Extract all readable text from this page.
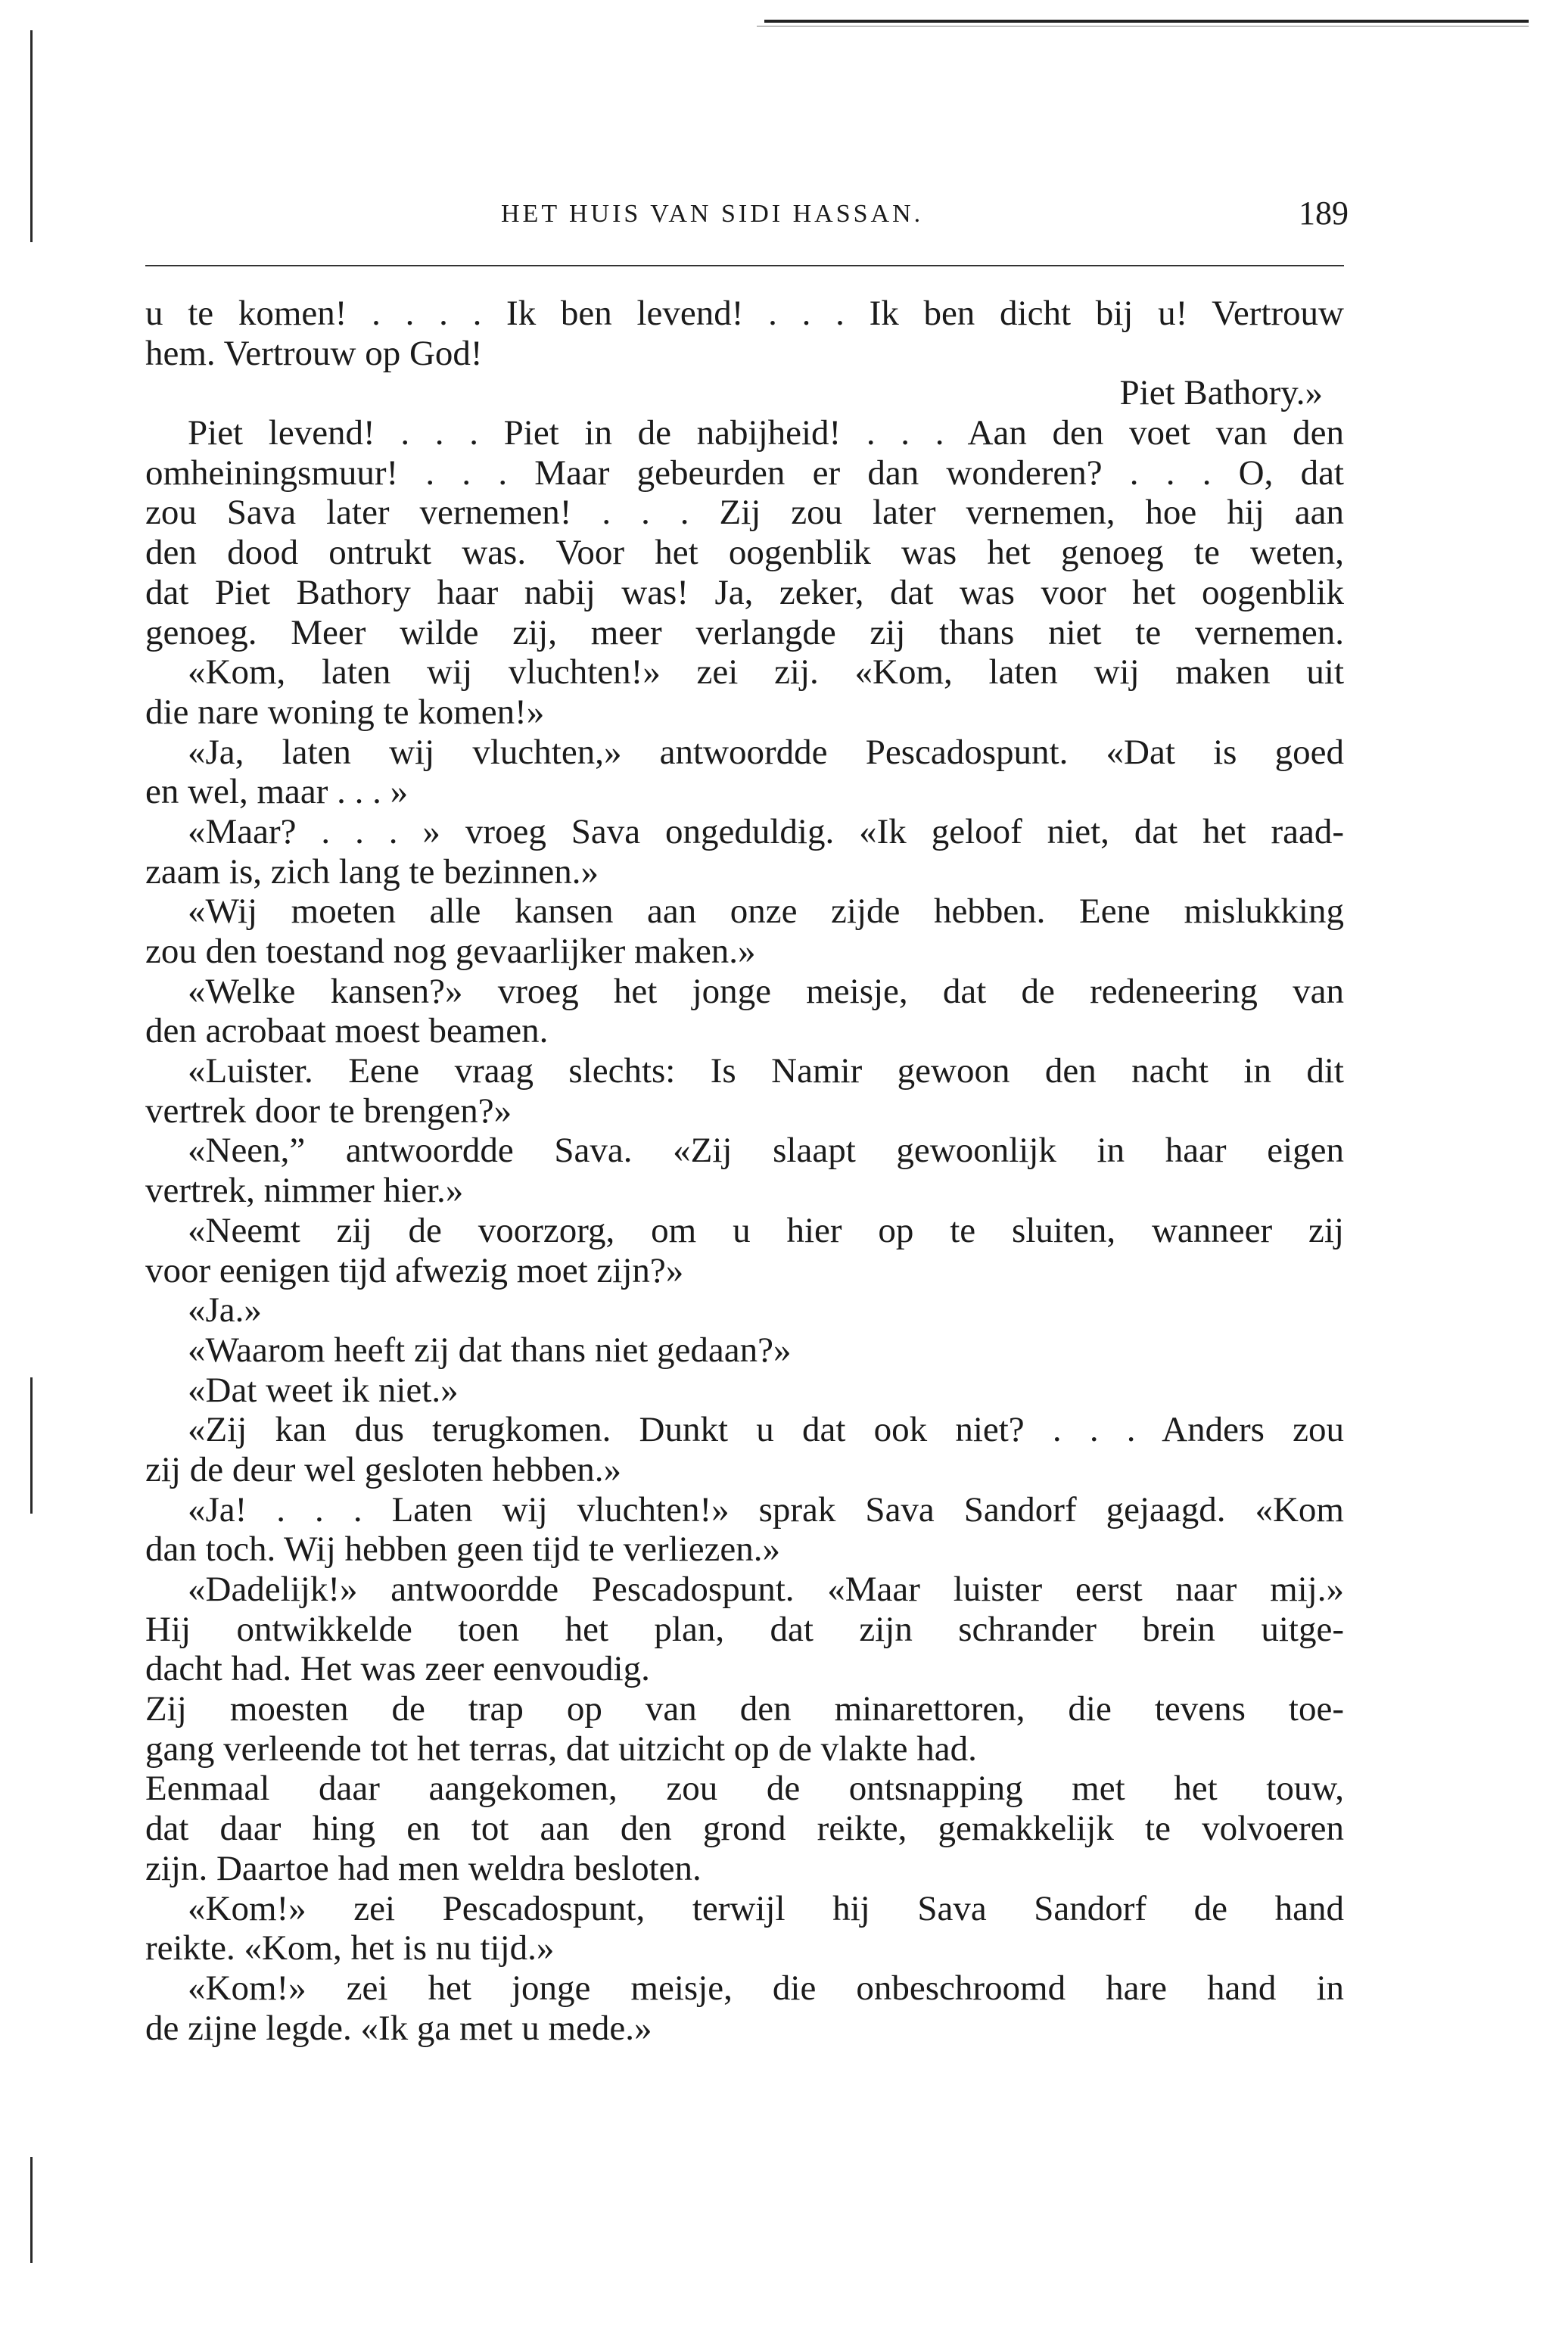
HET HUIS VAN SIDI HASSAN.	189
u te komen! . . . . Ik ben levend! . . . Ik ben dicht bij u! Vertrouw
hem. Vertrouw op God!
Piet Bathory.»
Piet levend! . . . Piet in de nabijheid! . . . Aan den voet van den
omheiningsmuur! . . . Maar gebeurden er dan wonderen? . . . O, dat
zou Sava later vernemen! . . . Zij zou later vernemen, hoe hij aan
den dood ontrukt was. Voor het oogenblik was het genoeg te weten,
dat Piet Bathory haar nabij was! Ja, zeker, dat was voor het oogenblik
genoeg. Meer wilde zij, meer verlangde zij thans niet te vernemen.
«Kom, laten wij vluchten!» zei zij. «Kom, laten wij maken uit
die nare woning te komen!»
«Ja, laten wij vluchten,» antwoordde Pescadospunt. «Dat is goed
en wel, maar . . . »
«Maar? . . . » vroeg Sava ongeduldig. «Ik geloof niet, dat het raad-
zaam is, zich lang te bezinnen.»
«Wij moeten alle kansen aan onze zijde hebben. Eene mislukking
zou den toestand nog gevaarlijker maken.»
«Welke kansen?» vroeg het jonge meisje, dat de redeneering van
den acrobaat moest beamen.
«Luister. Eene vraag slechts: Is Namir gewoon den nacht in dit
vertrek door te brengen?»
«Neen,” antwoordde Sava. «Zij slaapt gewoonlijk in haar eigen
vertrek, nimmer hier.»
«Neemt zij de voorzorg, om u hier op te sluiten, wanneer zij
voor eenigen tijd afwezig moet zijn?»
«Ja.»
«Waarom heeft zij dat thans niet gedaan?»
«Dat weet ik niet.»
«Zij kan dus terugkomen. Dunkt u dat ook niet? . . . Anders zou
zij de deur wel gesloten hebben.»
«Ja! . . . Laten wij vluchten!» sprak Sava Sandorf gejaagd. «Kom
dan toch. Wij hebben geen tijd te verliezen.»
«Dadelijk!» antwoordde Pescadospunt. «Maar luister eerst naar mij.»
Hij ontwikkelde toen het plan, dat zijn schrander brein uitge-
dacht had. Het was zeer eenvoudig.
Zij moesten de trap op van den minarettoren, die tevens toe-
gang verleende tot het terras, dat uitzicht op de vlakte had.
Eenmaal daar aangekomen, zou de ontsnapping met het touw,
dat daar hing en tot aan den grond reikte, gemakkelijk te volvoeren
zijn. Daartoe had men weldra besloten.
«Kom!» zei Pescadospunt, terwijl hij Sava Sandorf de hand
reikte. «Kom, het is nu tijd.»
«Kom!» zei het jonge meisje, die onbeschroomd hare hand in
de zijne legde. «Ik ga met u mede.»
